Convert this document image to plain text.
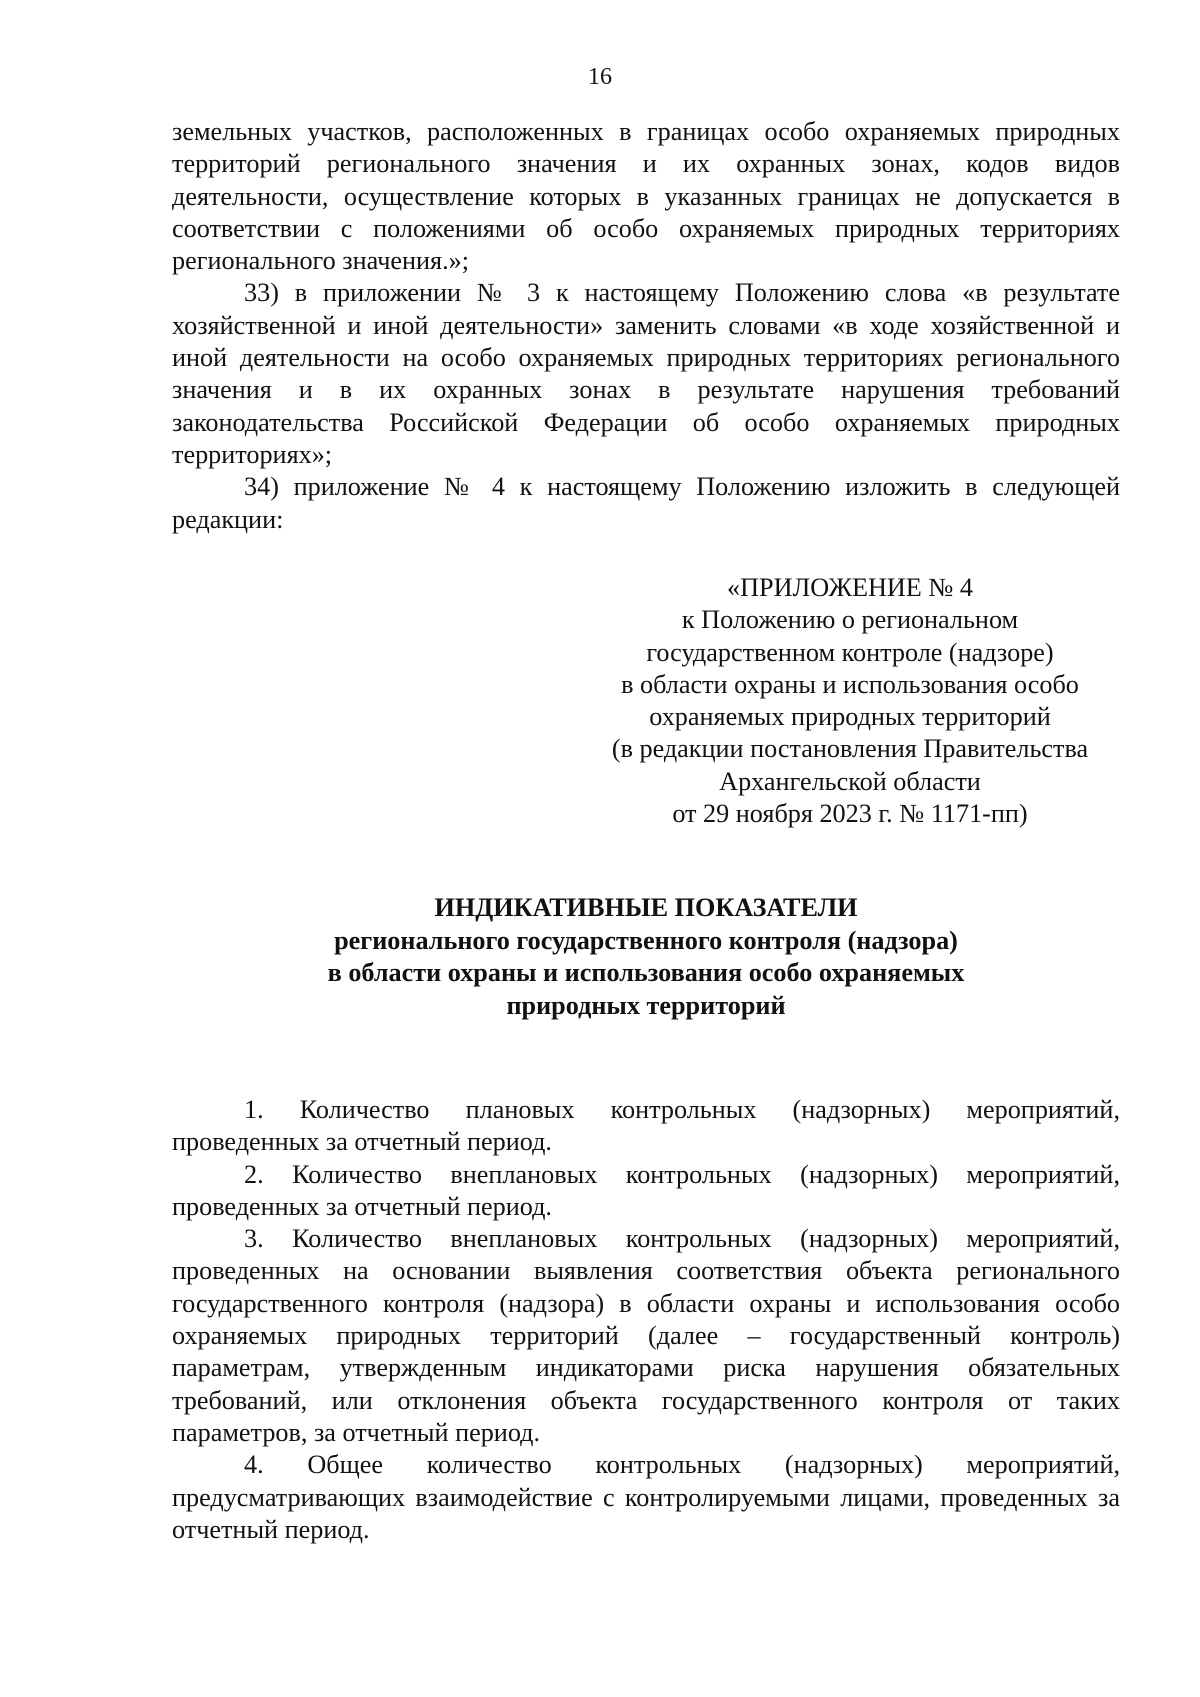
16

земельных участков, расположенных в границах особо охраняемых природных территорий регионального значения и их охранных зонах, кодов видов деятельности, осуществление которых в указанных границах не допускается в соответствии с положениями об особо охраняемых природных территориях регионального значения.»;

33) в приложении № 3 к настоящему Положению слова «в результате хозяйственной и иной деятельности» заменить словами «в ходе хозяйственной и иной деятельности на особо охраняемых природных территориях регионального значения и в их охранных зонах в результате нарушения требований законодательства Российской Федерации об особо охраняемых природных территориях»;

34) приложение № 4 к настоящему Положению изложить в следующей редакции:

«ПРИЛОЖЕНИЕ № 4
к Положению о региональном
государственном контроле (надзоре)
в области охраны и использования особо
охраняемых природных территорий
(в редакции постановления Правительства
Архангельской области
от 29 ноября 2023 г. № 1171-пп)
ИНДИКАТИВНЫЕ ПОКАЗАТЕЛИ
регионального государственного контроля (надзора)
в области охраны и использования особо охраняемых
природных территорий

1. Количество плановых контрольных (надзорных) мероприятий, проведенных за отчетный период.

2. Количество внеплановых контрольных (надзорных) мероприятий, проведенных за отчетный период.

3. Количество внеплановых контрольных (надзорных) мероприятий, проведенных на основании выявления соответствия объекта регионального государственного контроля (надзора) в области охраны и использования особо охраняемых природных территорий (далее – государственный контроль) параметрам, утвержденным индикаторами риска нарушения обязательных требований, или отклонения объекта государственного контроля от таких параметров, за отчетный период.

4. Общее количество контрольных (надзорных) мероприятий, предусматривающих взаимодействие с контролируемыми лицами, проведенных за отчетный период.
